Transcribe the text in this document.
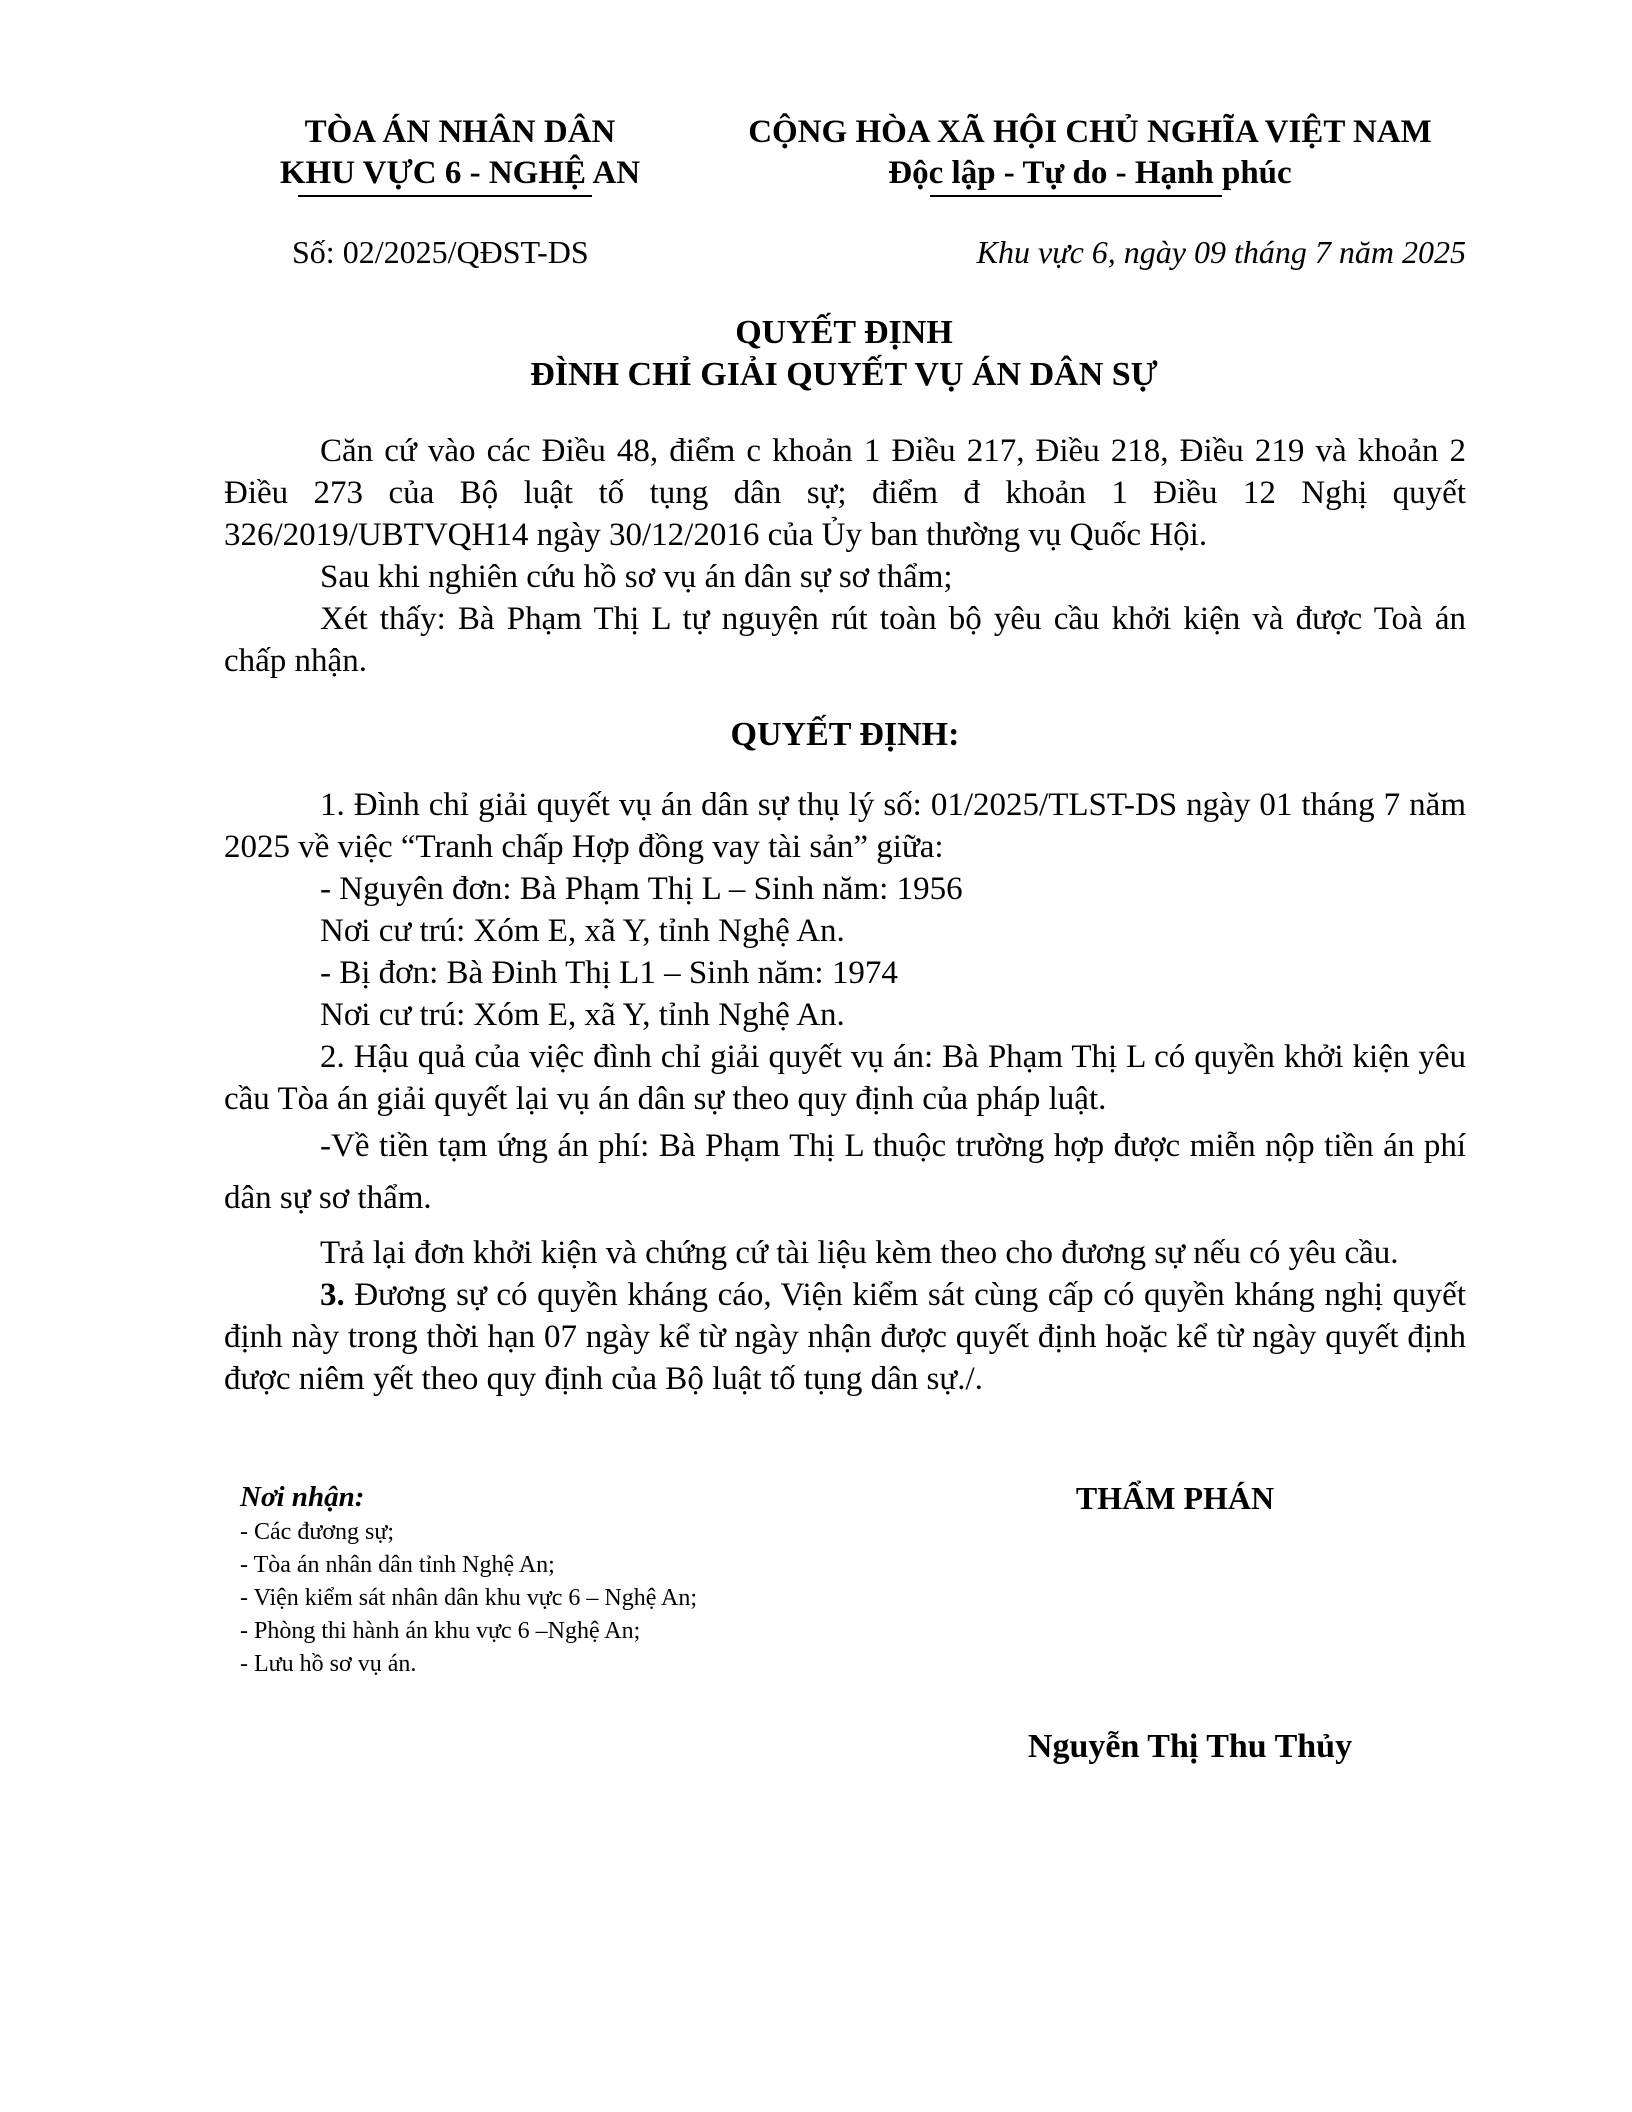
TÒA ÁN NHÂN DÂN
KHU VỰC 6 - NGHỆ AN
CỘNG HÒA XÃ HỘI CHỦ NGHĨA VIỆT NAM
Độc lập - Tự do - Hạnh phúc
Số: 02/2025/QĐST-DS	Khu vực 6, ngày 09 tháng 7 năm 2025
QUYẾT ĐỊNH
ĐÌNH CHỈ GIẢI QUYẾT VỤ ÁN DÂN SỰ

Căn cứ vào các Điều 48, điểm c khoản 1 Điều 217, Điều 218, Điều 219 và khoản 2 Điều 273 của Bộ luật tố tụng dân sự; điểm đ khoản 1 Điều 12 Nghị quyết 326/2019/UBTVQH14 ngày 30/12/2016 của Ủy ban thường vụ Quốc Hội.

Sau khi nghiên cứu hồ sơ vụ án dân sự sơ thẩm;

Xét thấy: Bà Phạm Thị L tự nguyện rút toàn bộ yêu cầu khởi kiện và được Toà án chấp nhận.

QUYẾT ĐỊNH:

1. Đình chỉ giải quyết vụ án dân sự thụ lý số: 01/2025/TLST-DS ngày 01 tháng 7 năm 2025 về việc “Tranh chấp Hợp đồng vay tài sản” giữa:

- Nguyên đơn: Bà Phạm Thị L – Sinh năm: 1956

Nơi cư trú: Xóm E, xã Y, tỉnh Nghệ An.

- Bị đơn: Bà Đinh Thị L1 – Sinh năm: 1974

Nơi cư trú: Xóm E, xã Y, tỉnh Nghệ An.

2. Hậu quả của việc đình chỉ giải quyết vụ án: Bà Phạm Thị L có quyền khởi kiện yêu cầu Tòa án giải quyết lại vụ án dân sự theo quy định của pháp luật.

-Về tiền tạm ứng án phí: Bà Phạm Thị L thuộc trường hợp được miễn nộp tiền án phí dân sự sơ thẩm.

Trả lại đơn khởi kiện và chứng cứ tài liệu kèm theo cho đương sự nếu có yêu cầu.

3. Đương sự có quyền kháng cáo, Viện kiểm sát cùng cấp có quyền kháng nghị quyết định này trong thời hạn 07 ngày kể từ ngày nhận được quyết định hoặc kể từ ngày quyết định được niêm yết theo quy định của Bộ luật tố tụng dân sự./.

Nơi nhận:
- Các đương sự;
- Tòa án nhân dân tỉnh Nghệ An;
- Viện kiểm sát nhân dân khu vực 6 – Nghệ An;
- Phòng thi hành án khu vực 6 –Nghệ An;
- Lưu hồ sơ vụ án.
THẨM PHÁN
Nguyễn Thị Thu Thủy
